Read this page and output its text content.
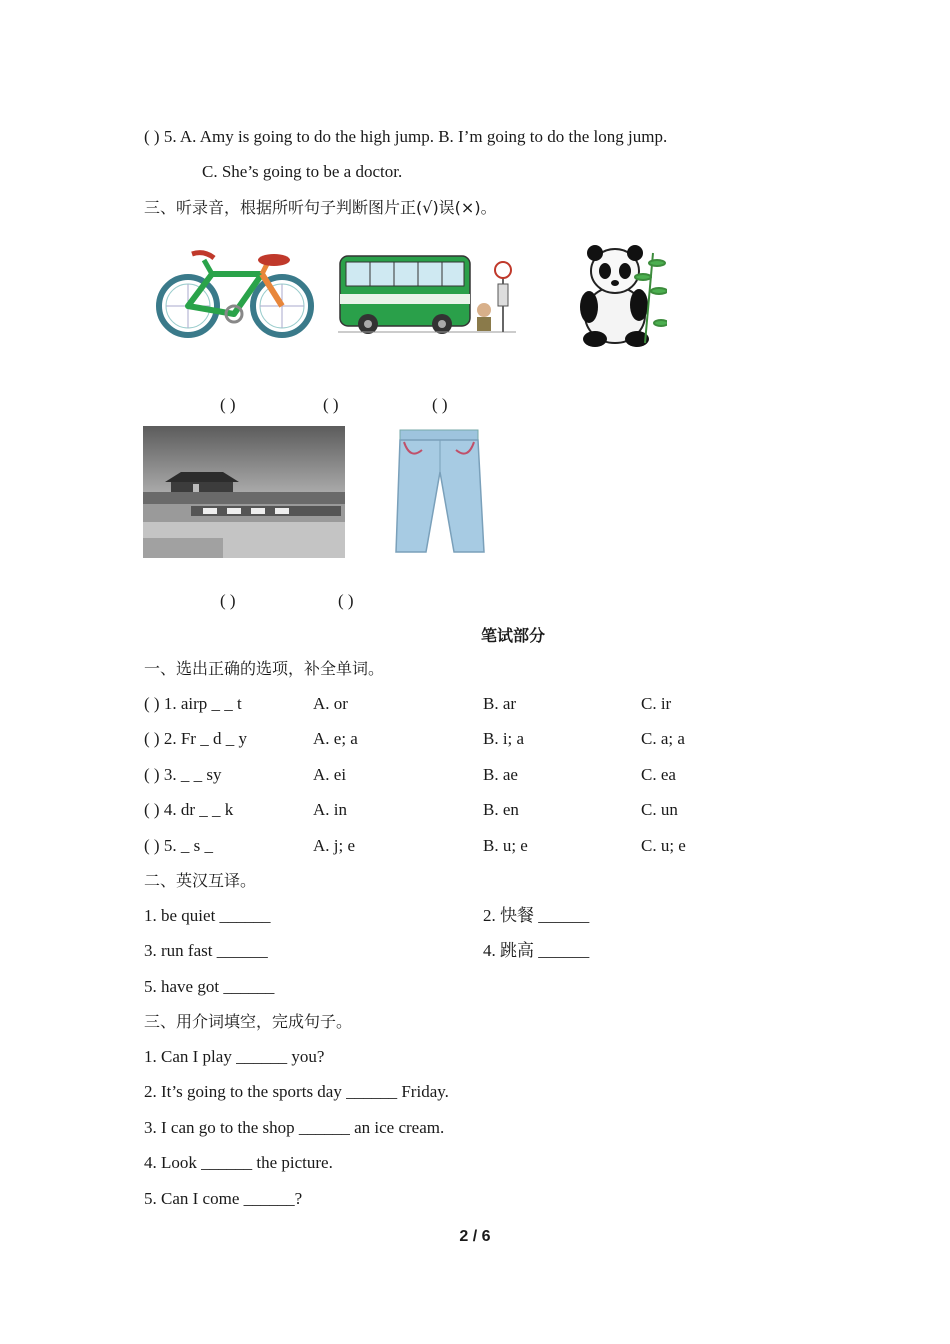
( ) 5. A. Amy is going to do the high jump. B. I’m going to do the long jump.
C. She’s going to be a doctor.
三、听录音，根据所听句子判断图片正(√)误(×)。
( )	( )	( )
( )	( )
笔试部分
一、选出正确的选项，补全单词。
( ) 1. airp _ _ t	A. or	B. ar	C. ir
( ) 2. Fr _ d _ y	A. e; a	B. i; a	C. a; a
( ) 3. _ _ sy	A. ei	B. ae	C. ea
( ) 4. dr _ _ k	A. in	B. en	C. un
( ) 5. _ s _	A. j; e	B. u; e	C. u; e
二、英汉互译。
1. be quiet ______	2. 快餐 ______
3. run fast ______	4. 跳高 ______
5. have got ______
三、用介词填空，完成句子。
1. Can I play ______ you?
2. It’s going to the sports day ______ Friday.
3. I can go to the shop ______ an ice cream.
4. Look ______ the picture.
5. Can I come ______?
2 / 6
